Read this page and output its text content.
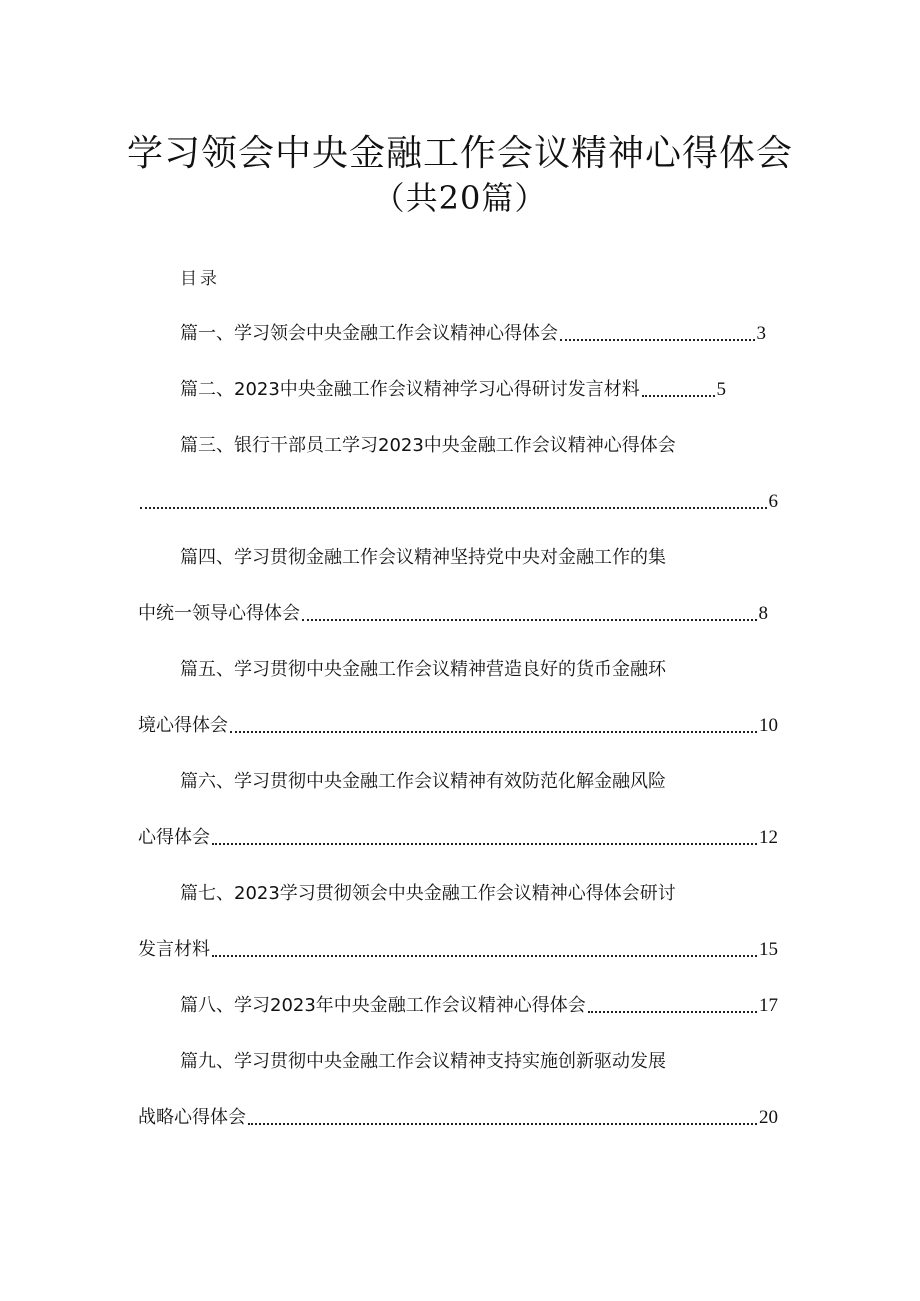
学习领会中央金融工作会议精神心得体会
（共20篇）
目录
篇一、学习领会中央金融工作会议精神心得体会	3
篇二、2023中央金融工作会议精神学习心得研讨发言材料	5
篇三、银行干部员工学习2023中央金融工作会议精神心得体会
6
篇四、学习贯彻金融工作会议精神坚持党中央对金融工作的集
中统一领导心得体会	8
篇五、学习贯彻中央金融工作会议精神营造良好的货币金融环
境心得体会	10
篇六、学习贯彻中央金融工作会议精神有效防范化解金融风险
心得体会	12
篇七、2023学习贯彻领会中央金融工作会议精神心得体会研讨
发言材料	15
篇八、学习2023年中央金融工作会议精神心得体会	17
篇九、学习贯彻中央金融工作会议精神支持实施创新驱动发展
战略心得体会	20
